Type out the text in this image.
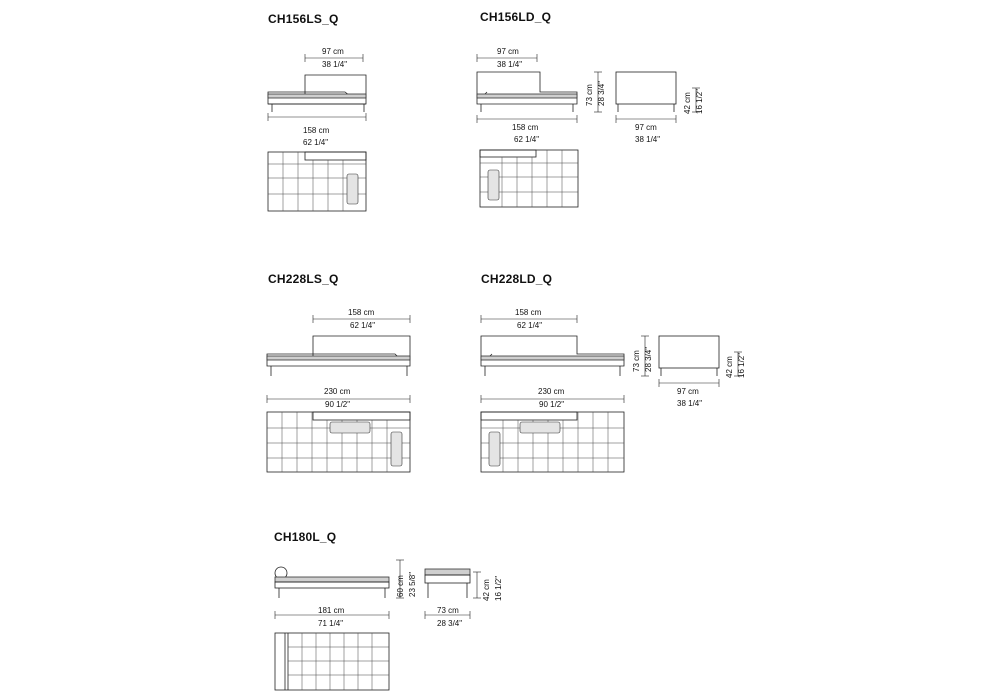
CH156LS_Q	CH156LD_Q
CH228LS_Q	CH228LD_Q
CH180L_Q
97 cm
38 1/4"
158 cm
62 1/4"
97 cm
38 1/4"
158 cm
62 1/4"
73 cm 28 3/4"
97 cm
38 1/4"
42 cm 16 1/2"
158 cm
62 1/4"
230 cm
90 1/2"
158 cm
62 1/4"
230 cm
90 1/2"
73 cm 28 3/4"
97 cm
38 1/4"
42 cm 16 1/2"
181 cm
71 1/4"
60 cm 23 5/8"
73 cm
28 3/4"
42 cm 16 1/2"
